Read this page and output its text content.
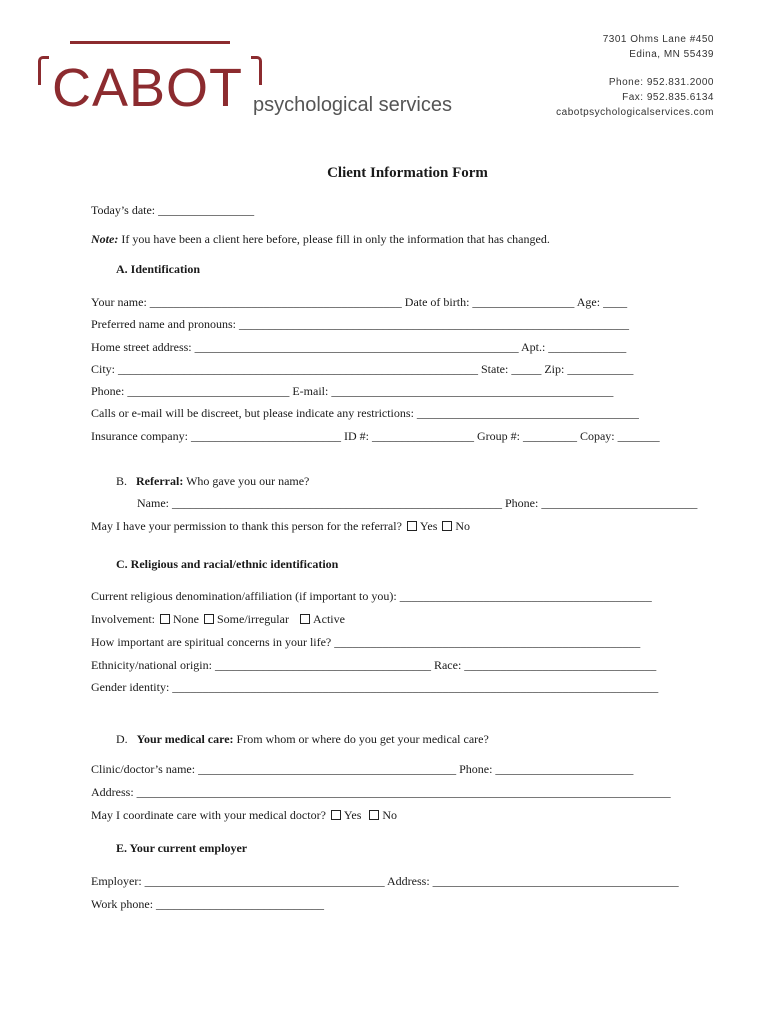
CABOT psychological services
7301 Ohms Lane #450
Edina, MN 55439
Phone: 952.831.2000
Fax: 952.835.6134
cabotpsychologicalservices.com
Client Information Form
Today’s date: ________________
Note: If you have been a client here before, please fill in only the information that has changed.
A. Identification
Your name: __________________________________________ Date of birth: _________________ Age: ____
Preferred name and pronouns: _________________________________________________________________
Home street address: ______________________________________________________ Apt.: _____________
City: ____________________________________________________________ State: _____ Zip: ___________
Phone: ___________________________ E-mail: _______________________________________________
Calls or e-mail will be discreet, but please indicate any restrictions: _____________________________________
Insurance company: _________________________ ID #: _________________ Group #: _________ Copay: _______
B. Referral: Who gave you our name?
Name: _______________________________________________________ Phone: __________________________
May I have your permission to thank this person for the referral? Yes No
C. Religious and racial/ethnic identification
Current religious denomination/affiliation (if important to you): __________________________________________
Involvement: None Some/irregular Active
How important are spiritual concerns in your life? ___________________________________________________
Ethnicity/national origin: ____________________________________ Race: ________________________________
Gender identity: _________________________________________________________________________________
D. Your medical care: From whom or where do you get your medical care?
Clinic/doctor’s name: ___________________________________________ Phone: _______________________
Address: _________________________________________________________________________________________
May I coordinate care with your medical doctor? Yes No
E. Your current employer
Employer: ________________________________________ Address: _________________________________________
Work phone: ____________________________
